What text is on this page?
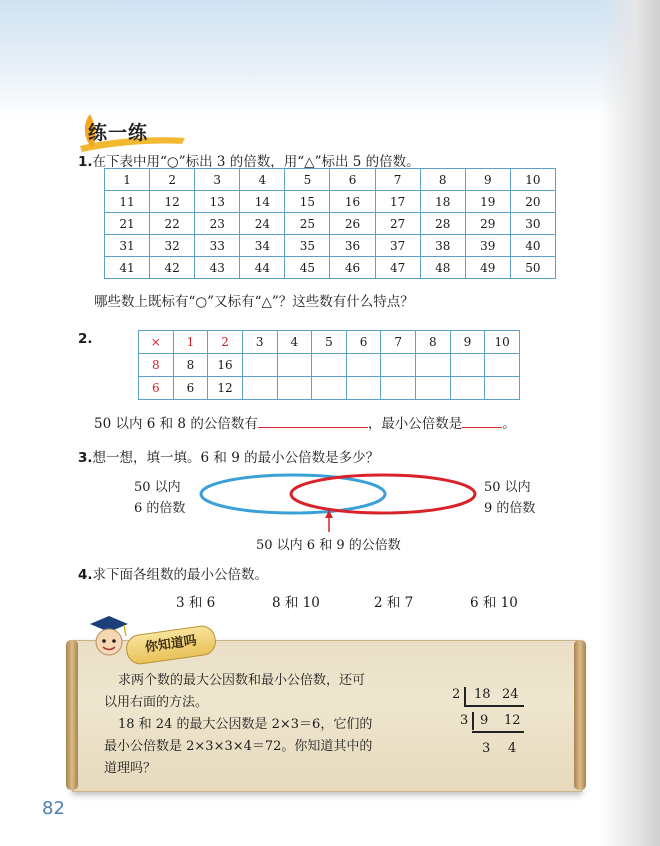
练一练
1.在下表中用“○”标出 3 的倍数，用“△”标出 5 的倍数。
1	2	3	4	5	6	7	8	9	10
11	12	13	14	15	16	17	18	19	20
21	22	23	24	25	26	27	28	29	30
31	32	33	34	35	36	37	38	39	40
41	42	43	44	45	46	47	48	49	50
哪些数上既标有“○”又标有“△”？这些数有什么特点？
2.	×	1	2	3	4	5	6	7	8	9	10
8	8	16								
6	6	12								
50 以内 6 和 8 的公倍数有	，最小公倍数是	。
3.想一想，填一填。6 和 9 的最小公倍数是多少？
50 以内
6 的倍数
50 以内
9 的倍数
50 以内 6 和 9 的公倍数
4.求下面各组数的最小公倍数。
3 和 6	8 和 10	2 和 7	6 和 10
你知道吗
求两个数的最大公因数和最小公倍数，还可
以用右面的方法。
18 和 24 的最大公因数是 2×3＝6，它们的
最小公倍数是 2×3×3×4＝72。你知道其中的
道理吗？
2 18 24
3 9 12
3 4
82
